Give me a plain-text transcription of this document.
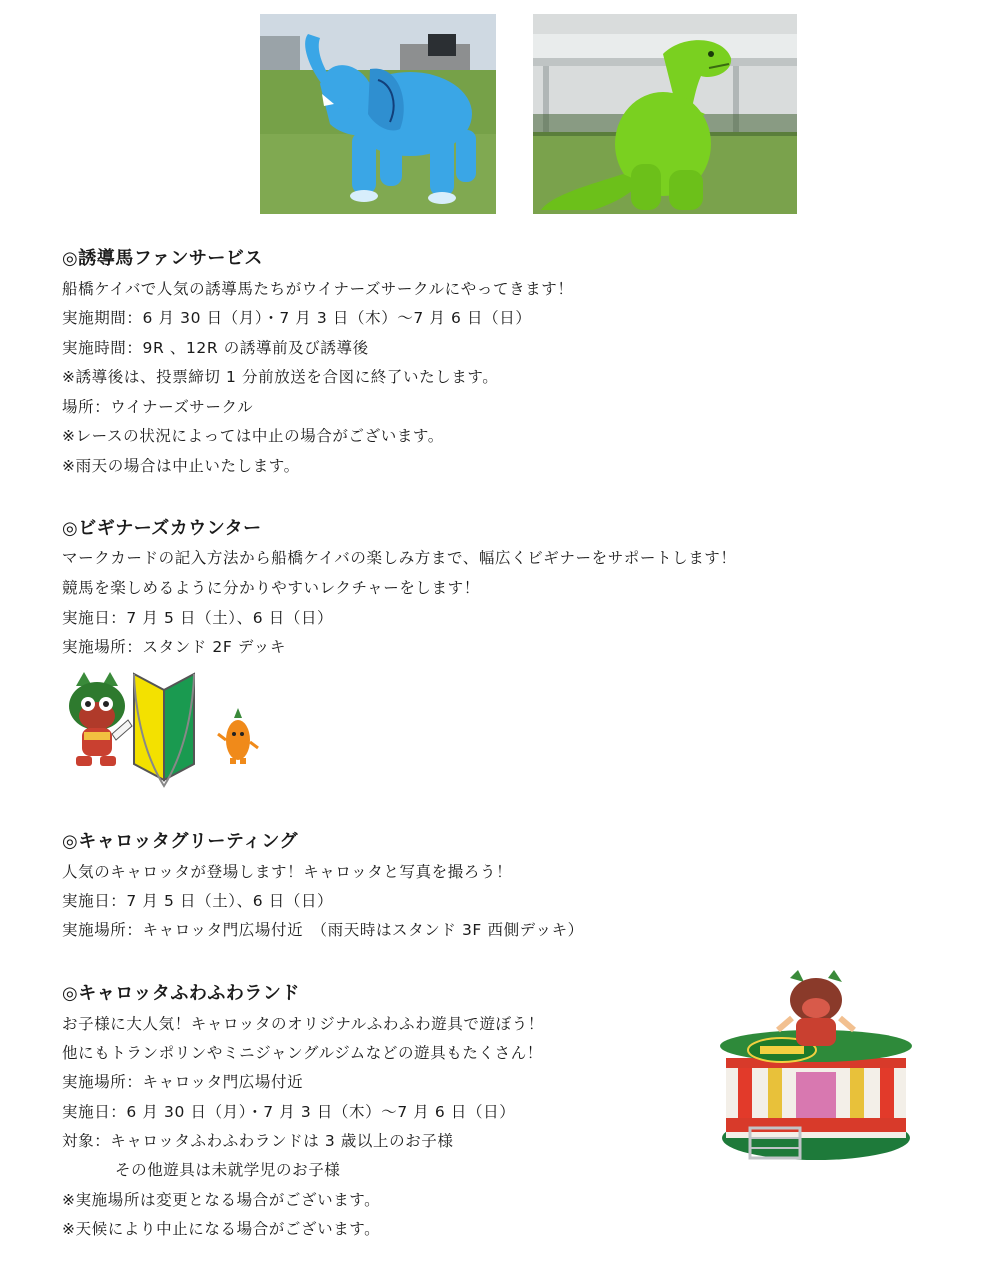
◎誘導馬ファンサービス
船橋ケイバで人気の誘導馬たちがウイナーズサークルにやってきます！
実施期間：6 月 30 日（月）・7 月 3 日（木）〜7 月 6 日（日）
実施時間：9R 、12R の誘導前及び誘導後
※誘導後は、投票締切 1 分前放送を合図に終了いたします。
場所：ウイナーズサークル
※レースの状況によっては中止の場合がございます。
※雨天の場合は中止いたします。
◎ビギナーズカウンター
マークカードの記入方法から船橋ケイバの楽しみ方まで、幅広くビギナーをサポートします！
競馬を楽しめるように分かりやすいレクチャーをします！
実施日：7 月 5 日（土）、6 日（日）
実施場所：スタンド 2F デッキ
◎キャロッタグリーティング
人気のキャロッタが登場します！キャロッタと写真を撮ろう！
実施日：7 月 5 日（土）、6 日（日）
実施場所：キャロッタ門広場付近　（雨天時はスタンド 3F 西側デッキ）
◎キャロッタふわふわランド
お子様に大人気！キャロッタのオリジナルふわふわ遊具で遊ぼう！
他にもトランポリンやミニジャングルジムなどの遊具もたくさん！
実施場所：キャロッタ門広場付近
実施日：6 月 30 日（月）・7 月 3 日（木）〜7 月 6 日（日）
対象：キャロッタふわふわランドは 3 歳以上のお子様
その他遊具は未就学児のお子様
※実施場所は変更となる場合がございます。
※天候により中止になる場合がございます。
